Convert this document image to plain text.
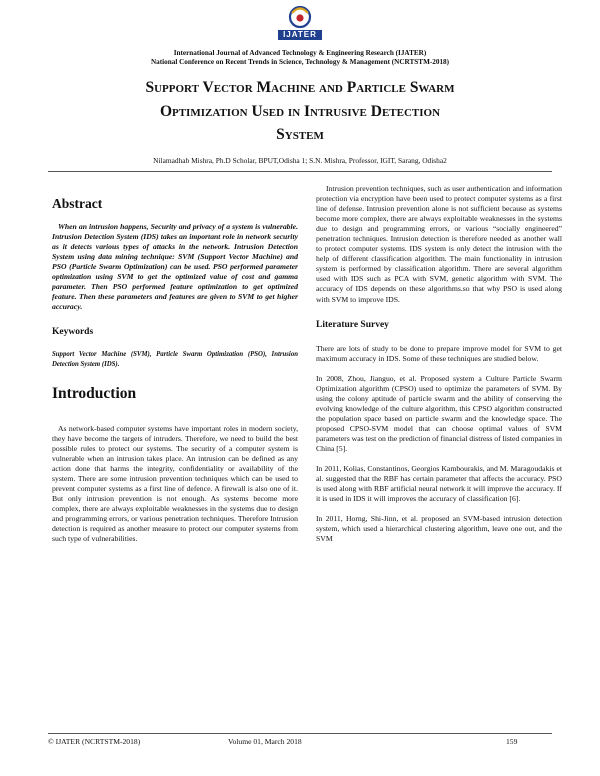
IJATER
International Journal of Advanced Technology & Engineering Research (IJATER)
National Conference on Recent Trends in Science, Technology & Management (NCRTSTM-2018)
Support Vector Machine and Particle Swarm
Optimization Used in Intrusive Detection
System
Nilamadhab Mishra, Ph.D Scholar, BPUT,Odisha 1; S.N. Mishra, Professor, IGIT, Sarang, Odisha2
Abstract
When an intrusion happens, Security and privacy of a system is vulnerable. Intrusion Detection System (IDS) takes an important role in network security as it detects various types of attacks in the network. Intrusion Detection System using data mining technique: SVM (Support Vector Machine) and PSO (Particle Swarm Optimization) can be used. PSO performed parameter optimization using SVM to get the optimized value of cost and gamma parameter. Then PSO performed feature optimization to get optimized feature. Then these parameters and features are given to SVM to get higher accuracy.
Keywords
Support Vector Machine (SVM), Particle Swarm Optimization (PSO), Intrusion Detection System (IDS).
Introduction
As network-based computer systems have important roles in modern society, they have become the targets of intruders. Therefore, we need to build the best possible rules to protect our systems. The security of a computer system is vulnerable when an intrusion takes place. An intrusion can be defined as any action done that harms the integrity, confidentiality or availability of the system. There are some intrusion prevention techniques which can be used to prevent computer systems as a first line of defence. A firewall is also one of it. But only intrusion prevention is not enough. As systems become more complex, there are always exploitable weaknesses in the systems due to design and programming errors, or various penetration techniques. Therefore Intrusion detection is required as another measure to protect our computer systems from such type of vulnerabilities.
Intrusion prevention techniques, such as user authentication and information protection via encryption have been used to protect computer systems as a first line of defense. Intrusion prevention alone is not sufficient because as systems become more complex, there are always exploitable weaknesses in the systems due to design and programming errors, or various “socially engineered” penetration techniques. Intrusion detection is therefore needed as another wall to protect computer systems. IDS system is only detect the intrusion with the help of different classification algorithm. The main functionality in intrusion system is performed by classification algorithm. There are several algorithm used with IDS such as PCA with SVM, genetic algorithm with SVM. The accuracy of IDS depends on these algorithms.so that why PSO is used along with SVM to improve IDS.
Literature Survey
There are lots of study to be done to prepare improve model for SVM to get maximum accuracy in IDS. Some of these techniques are studied below.
In 2008, Zhou, Jianguo, et al. Proposed system a Culture Particle Swarm Optimization algorithm (CPSO) used to optimize the parameters of SVM. By using the colony aptitude of particle swarm and the ability of conserving the evolving knowledge of the culture algorithm, this CPSO algorithm constructed the population space based on particle swarm and the knowledge space. The proposed CPSO-SVM model that can choose optimal values of SVM parameters was test on the prediction of financial distress of listed companies in China [5].
In 2011, Kolias, Constantinos, Georgios Kambourakis, and M. Maragoudakis et al. suggested that the RBF has certain parameter that affects the accuracy. PSO is used along with RBF artificial neural network it will improve the accuracy. If it is used in IDS it will improves the accuracy of classification [6].
In 2011, Horng, Shi-Jinn, et al. proposed an SVM-based intrusion detection system, which used a hierarchical clustering algorithm, leave one out, and the SVM
© IJATER (NCRTSTM-2018)	Volume 01, March 2018	159
